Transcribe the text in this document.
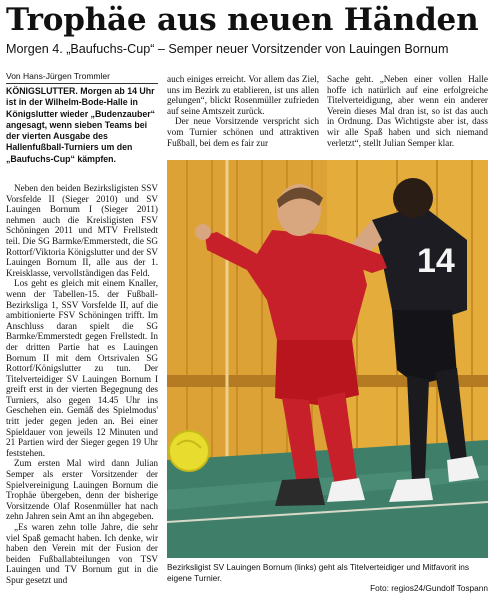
Trophäe aus neuen Händen
Morgen 4. „Baufuchs-Cup“ – Semper neuer Vorsitzender von Lauingen Bornum
Von Hans-Jürgen Trommler
KÖNIGSLUTTER. Morgen ab 14 Uhr ist in der Wilhelm-Bode-Halle in Königslutter wieder „Budenzauber“ angesagt, wenn sieben Teams bei der vierten Ausgabe des Hallenfußball-Turniers um den „Baufuchs-Cup“ kämpfen.

Neben den beiden Bezirksligisten SSV Vorsfelde II (Sieger 2010) und SV Lauingen Bornum I (Sieger 2011) nehmen auch die Kreisligisten FSV Schöningen 2011 und MTV Frellstedt teil. Die SG Barmke/Emmerstedt, die SG Rottorf/Viktoria Königslutter und der SV Lauingen Bornum II, alle aus der 1. Kreisklasse, vervollständigen das Feld.

Los geht es gleich mit einem Knaller, wenn der Tabellen-15. der Fußball-Bezirksliga 1, SSV Vorsfelde II, auf die ambitionierte FSV Schöningen trifft. Im Anschluss daran spielt die SG Barmke/Emmerstedt gegen Frellstedt. In der dritten Partie hat es Lauingen Bornum II mit dem Ortsrivalen SG Rottorf/Königslutter zu tun. Der Titelverteidiger SV Lauingen Bornum I greift erst in der vierten Begegnung des Turniers, also gegen 14.45 Uhr ins Geschehen ein. Gemäß des Spielmodus' tritt jeder gegen jeden an. Bei einer Spieldauer von jeweils 12 Minuten und 21 Partien wird der Sieger gegen 19 Uhr feststehen.

Zum ersten Mal wird dann Julian Semper als erster Vorsitzender der Spielvereinigung Lauingen Bornum die Trophäe übergeben, denn der bisherige Vorsitzende Olaf Rosenmüller hat nach zehn Jahren sein Amt an ihn abgegeben.

„Es waren zehn tolle Jahre, die sehr viel Spaß gemacht haben. Ich denke, wir haben den Verein mit der Fusion der beiden Fußballabteilungen von TSV Lauingen und TV Bornum gut in die Spur gesetzt und

auch einiges erreicht. Vor allem das Ziel, uns im Bezirk zu etablieren, ist uns allen gelungen“, blickt Rosenmüller zufrieden auf seine Amtszeit zurück.

Der neue Vorsitzende verspricht sich vom Turnier schönen und attraktiven Fußball, bei dem es fair zur

Sache geht. „Neben einer vollen Halle hoffe ich natürlich auf eine erfolgreiche Titelverteidigung, aber wenn ein anderer Verein dieses Mal dran ist, so ist das auch in Ordnung. Das Wichtigste aber ist, dass wir alle Spaß haben und sich niemand verletzt“, stellt Julian Semper klar.

14
Bezirksligist SV Lauingen Bornum (links) geht als Titelverteidiger und Mitfavorit ins eigene Turnier.
Foto: regios24/Gundolf Tospann
